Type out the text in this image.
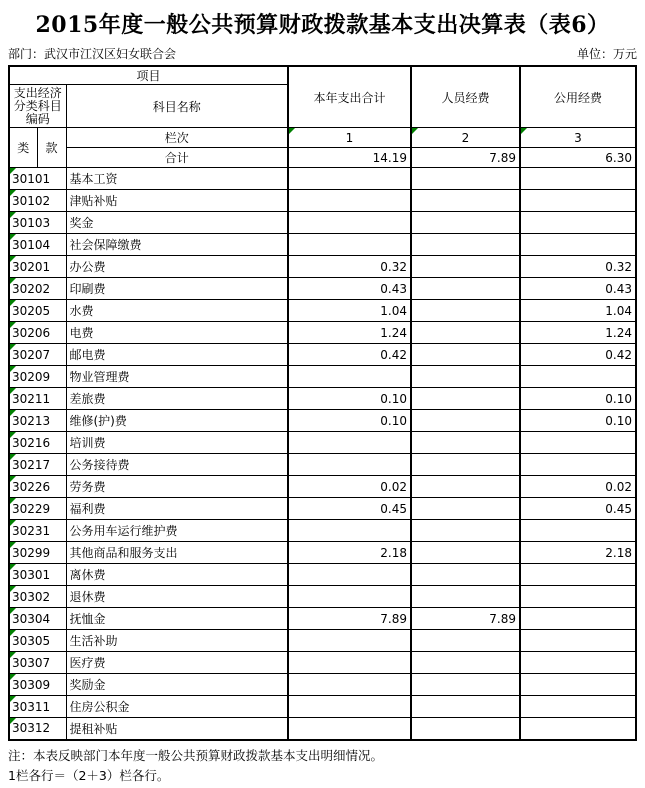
2015年度一般公共预算财政拨款基本支出决算表（表6）
部门：武汉市江汉区妇女联合会	单位：万元
项目			本年支出合计	人员经费	公用经费
支出经济分类科目编码		科目名称			
类	款	栏次	1	2	3
		合计	14.19	7.89	6.30
30101		基本工资			
30102		津贴补贴			
30103		奖金			
30104		社会保障缴费			
30201		办公费	0.32		0.32
30202		印刷费	0.43		0.43
30205		水费	1.04		1.04
30206		电费	1.24		1.24
30207		邮电费	0.42		0.42
30209		物业管理费			
30211		差旅费	0.10		0.10
30213		维修(护)费	0.10		0.10
30216		培训费			
30217		公务接待费			
30226		劳务费	0.02		0.02
30229		福利费	0.45		0.45
30231		公务用车运行维护费			
30299		其他商品和服务支出	2.18		2.18
30301		离休费			
30302		退休费			
30304		抚恤金	7.89	7.89	
30305		生活补助			
30307		医疗费			
30309		奖励金			
30311		住房公积金			
30312		提租补贴			
注：本表反映部门本年度一般公共预算财政拨款基本支出明细情况。
1栏各行＝（2＋3）栏各行。
